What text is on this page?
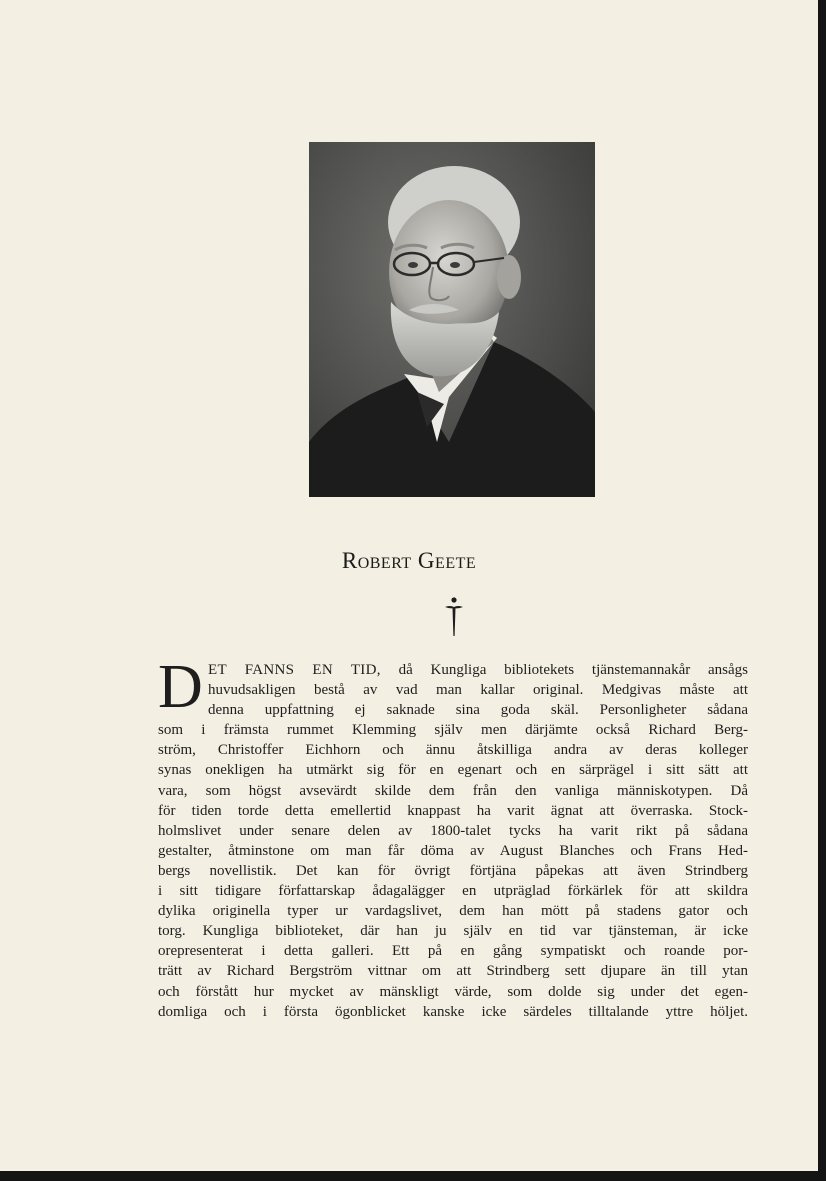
Robert Geete
D ET FANNS EN TID, då Kungliga bibliotekets tjänstemannakår ansågs
huvudsakligen bestå av vad man kallar original. Medgivas måste att
denna uppfattning ej saknade sina goda skäl. Personligheter sådana
som i främsta rummet Klemming själv men därjämte också Richard Berg-
ström, Christoffer Eichhorn och ännu åtskilliga andra av deras kolleger
synas onekligen ha utmärkt sig för en egenart och en särprägel i sitt sätt att
vara, som högst avsevärdt skilde dem från den vanliga människotypen. Då
för tiden torde detta emellertid knappast ha varit ägnat att överraska. Stock-
holmslivet under senare delen av 1800-talet tycks ha varit rikt på sådana
gestalter, åtminstone om man får döma av August Blanches och Frans Hed-
bergs novellistik. Det kan för övrigt förtjäna påpekas att även Strindberg
i sitt tidigare författarskap ådagalägger en utpräglad förkärlek för att skildra
dylika originella typer ur vardagslivet, dem han mött på stadens gator och
torg. Kungliga biblioteket, där han ju själv en tid var tjänsteman, är icke
orepresenterat i detta galleri. Ett på en gång sympatiskt och roande por-
trätt av Richard Bergström vittnar om att Strindberg sett djupare än till ytan
och förstått hur mycket av mänskligt värde, som dolde sig under det egen-
domliga och i första ögonblicket kanske icke särdeles tilltalande yttre höljet.
